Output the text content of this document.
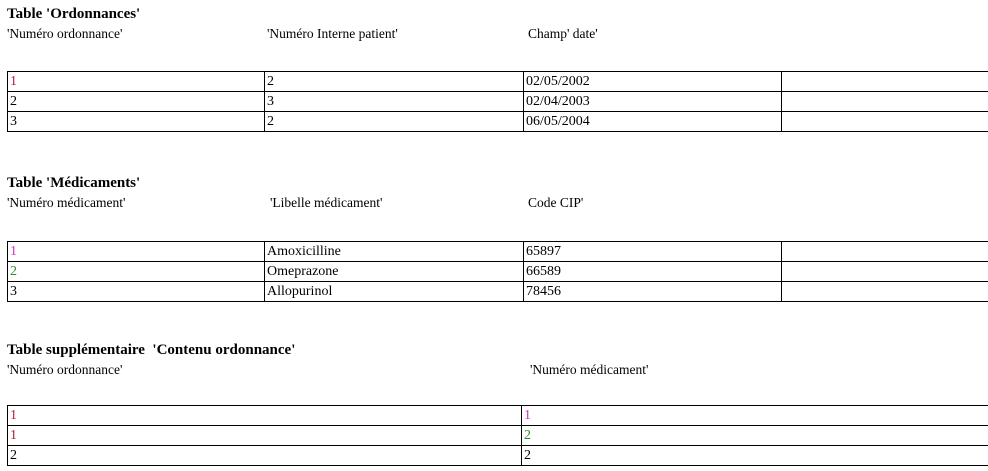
Table 'Ordonnances'
'Numéro ordonnance'	'Numéro Interne patient'	Champ' date'
1	2	02/05/2002	
2	3	02/04/2003	
3	2	06/05/2004	
Table 'Médicaments'
'Numéro médicament'	'Libelle médicament'	Code CIP'
1	Amoxicilline	65897	
2	Omeprazone	66589	
3	Allopurinol	78456	
Table supplémentaire  'Contenu ordonnance'
'Numéro ordonnance'	'Numéro médicament'
1	1
1	2
2	2
